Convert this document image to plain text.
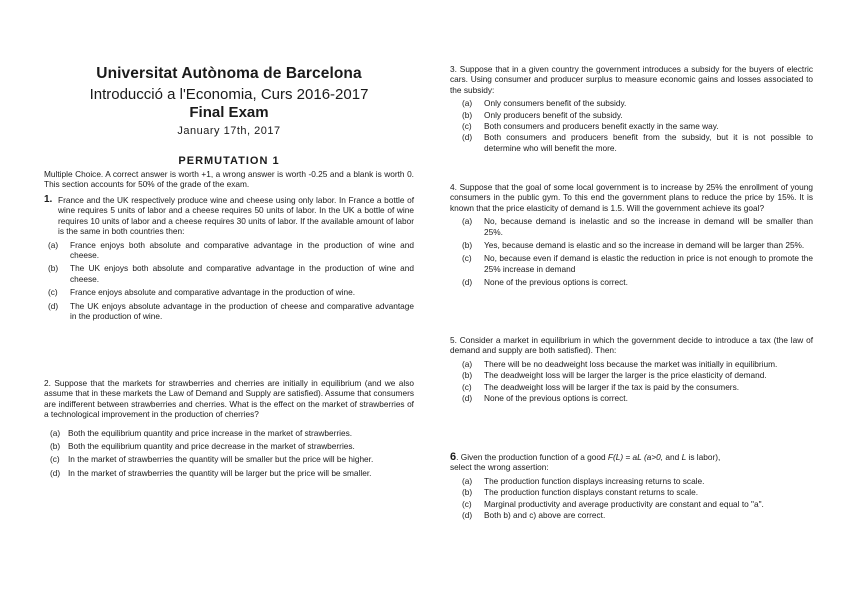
Universitat Autònoma de Barcelona
Introducció a l'Economia, Curs 2016-2017
Final Exam
January 17th, 2017
PERMUTATION 1
Multiple Choice. A correct answer is worth +1, a wrong answer is worth -0.25 and a blank is worth 0. This section accounts for 50% of the grade of the exam.
1. France and the UK respectively produce wine and cheese using only labor. In France a bottle of wine requires 5 units of labor and a cheese requires 50 units of labor. In the UK a bottle of wine requires 10 units of labor and a cheese requires 30 units of labor. If the available amount of labor is the same in both countries then:
(a)	France enjoys both absolute and comparative advantage in the production of wine and cheese.
(b)	The UK enjoys both absolute and comparative advantage in the production of wine and cheese.
(c)	France enjoys absolute and comparative advantage in the production of wine.
(d)	The UK enjoys absolute advantage in the production of cheese and comparative advantage in the production of wine.
2. Suppose that the markets for strawberries and cherries are initially in equilibrium (and we also assume that in these markets the Law of Demand and Supply are satisfied). Assume that consumers are indifferent between strawberries and cherries. What is the effect on the market of strawberries of a technological improvement in the production of cherries?
(a) Both the equilibrium quantity and price increase in the market of strawberries.
(b) Both the equilibrium quantity and price decrease in the market of strawberries.
(c)	In the market of strawberries the quantity will be smaller but the price will be higher.
(d) In the market of strawberries the quantity will be larger but the price will be smaller.
3. Suppose that in a given country the government introduces a subsidy for the buyers of electric cars. Using consumer and producer surplus to measure economic gains and losses associated to the subsidy:
(a)	Only consumers benefit of the subsidy.
(b)	Only producers benefit of the subsidy.
(c)	Both consumers and producers benefit exactly in the same way.
(d)	Both consumers and producers benefit from the subsidy, but it is not possible to determine who will benefit the more.
4. Suppose that the goal of some local government is to increase by 25% the enrollment of young consumers in the public gym. To this end the government plans to reduce the price by 15%. It is known that the price elasticity of demand is 1.5. Will the government achieve its goal?
(a)	No, because demand is inelastic and so the increase in demand will be smaller than 25%.
(b)	Yes, because demand is elastic and so the increase in demand will be larger than 25%.
(c)	No, because even if demand is elastic the reduction in price is not enough to promote the 25% increase in demand
(d)	None of the previous options is correct.
5. Consider a market in equilibrium in which the government decide to introduce a tax (the law of demand and supply are both satisfied). Then:
(a)	There will be no deadweight loss because the market was initially in equilibrium.
(b)	The deadweight loss will be larger the larger is the price elasticity of demand.
(c)	The deadweight loss will be larger if the tax is paid by the consumers.
(d)	None of the previous options is correct.
6. Given the production function of a good F(L) = aL (a>0, and L is labor),
select the wrong assertion:
(a)	The production function displays increasing returns to scale.
(b)	The production function displays constant returns to scale.
(c)	Marginal productivity and average productivity are constant and equal to "a".
(d)	Both b) and c) above are correct.
